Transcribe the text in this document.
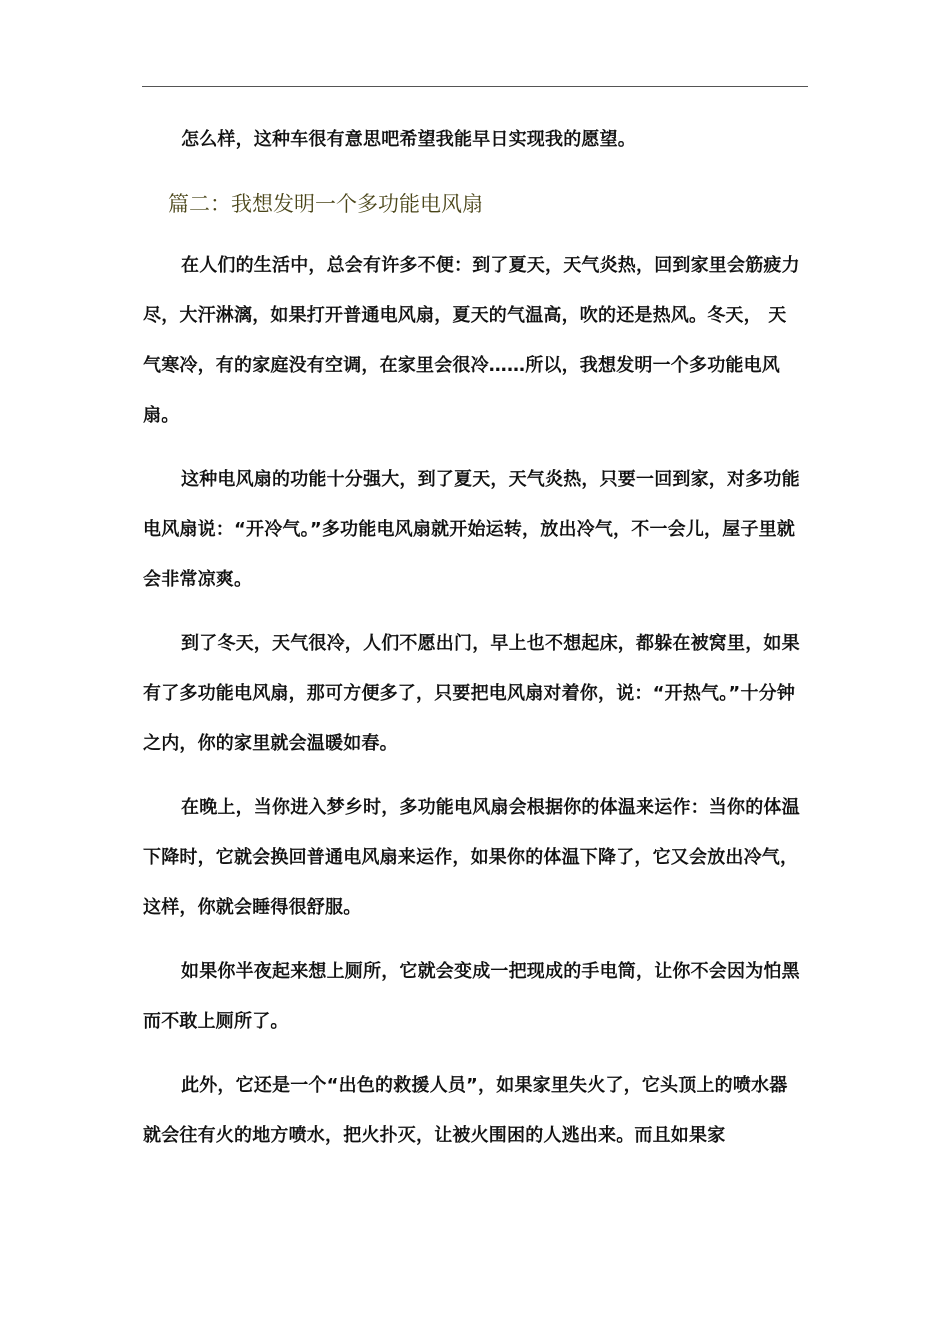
怎么样，这种车很有意思吧希望我能早日实现我的愿望。

篇二：我想发明一个多功能电风扇

在人们的生活中，总会有许多不便：到了夏天，天气炎热，回到家里会筋疲力尽，大汗淋漓，如果打开普通电风扇，夏天的气温高，吹的还是热风。冬天， 天气寒冷，有的家庭没有空调，在家里会很冷……所以，我想发明一个多功能电风扇。

这种电风扇的功能十分强大，到了夏天，天气炎热，只要一回到家，对多功能电风扇说：“开冷气。”多功能电风扇就开始运转，放出冷气，不一会儿，屋子里就会非常凉爽。

到了冬天，天气很冷，人们不愿出门，早上也不想起床，都躲在被窝里，如果有了多功能电风扇，那可方便多了，只要把电风扇对着你，说：“开热气。”十分钟之内，你的家里就会温暖如春。

在晚上，当你进入梦乡时，多功能电风扇会根据你的体温来运作：当你的体温下降时，它就会换回普通电风扇来运作，如果你的体温下降了，它又会放出冷气，这样，你就会睡得很舒服。

如果你半夜起来想上厕所，它就会变成一把现成的手电筒，让你不会因为怕黑而不敢上厕所了。

此外，它还是一个“出色的救援人员”，如果家里失火了，它头顶上的喷水器就会往有火的地方喷水，把火扑灭，让被火围困的人逃出来。而且如果家
